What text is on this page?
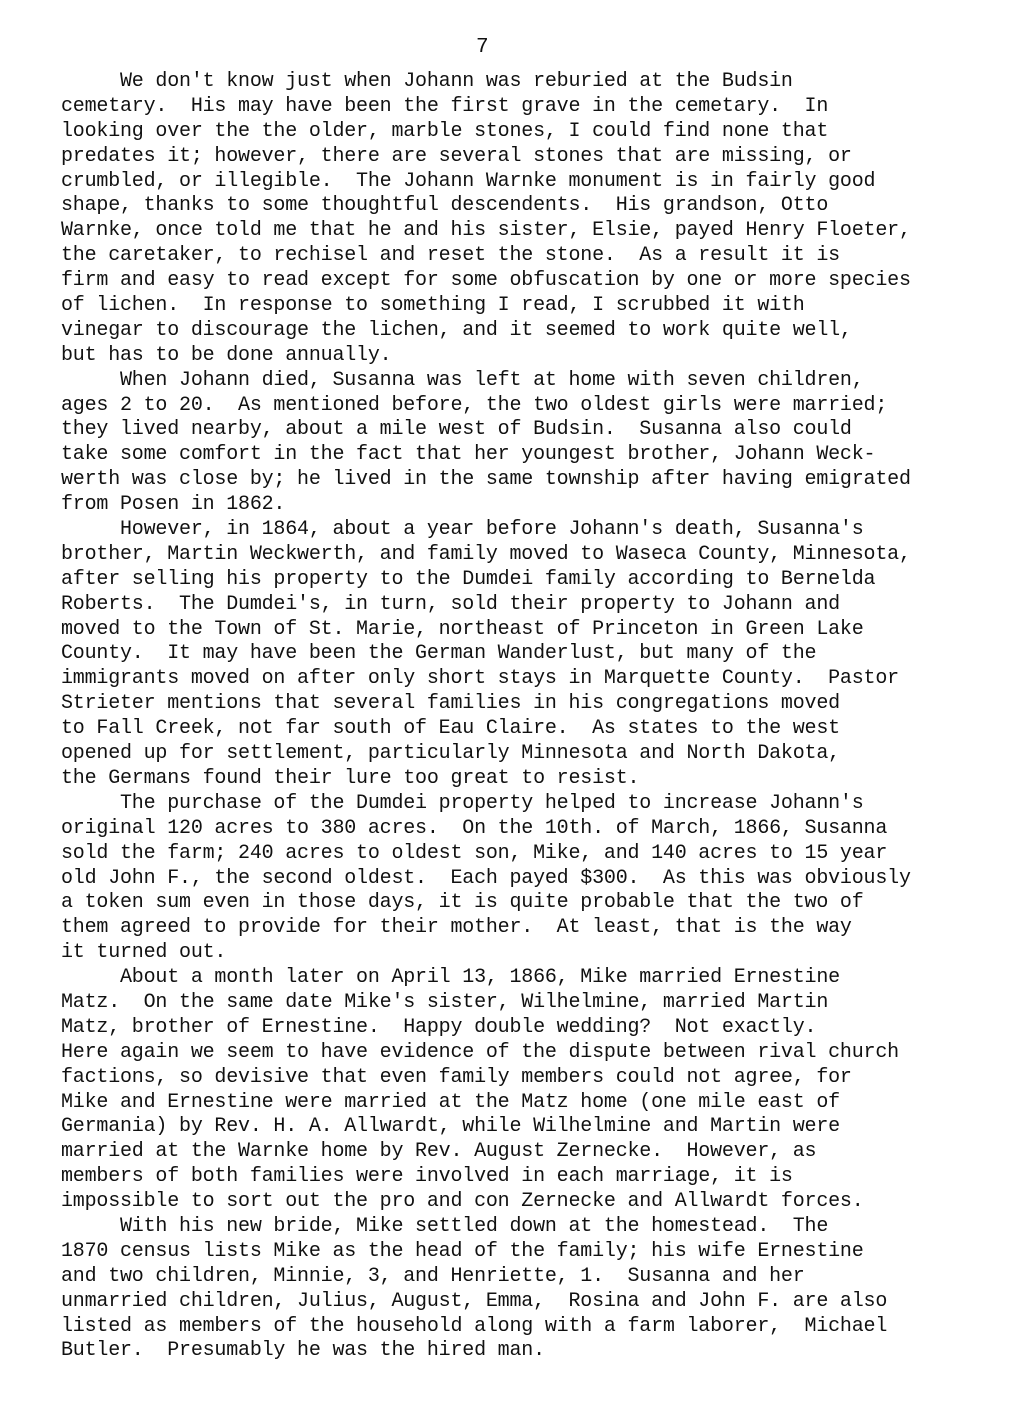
7
We don't know just when Johann was reburied at the Budsin
cemetary.  His may have been the first grave in the cemetary.  In
looking over the the older, marble stones, I could find none that
predates it; however, there are several stones that are missing, or
crumbled, or illegible.  The Johann Warnke monument is in fairly good
shape, thanks to some thoughtful descendents.  His grandson, Otto
Warnke, once told me that he and his sister, Elsie, payed Henry Floeter,
the caretaker, to rechisel and reset the stone.  As a result it is
firm and easy to read except for some obfuscation by one or more species
of lichen.  In response to something I read, I scrubbed it with
vinegar to discourage the lichen, and it seemed to work quite well,
but has to be done annually.
When Johann died, Susanna was left at home with seven children,
ages 2 to 20.  As mentioned before, the two oldest girls were married;
they lived nearby, about a mile west of Budsin.  Susanna also could
take some comfort in the fact that her youngest brother, Johann Weck-
werth was close by; he lived in the same township after having emigrated
from Posen in 1862.
However, in 1864, about a year before Johann's death, Susanna's
brother, Martin Weckwerth, and family moved to Waseca County, Minnesota,
after selling his property to the Dumdei family according to Bernelda
Roberts.  The Dumdei's, in turn, sold their property to Johann and
moved to the Town of St. Marie, northeast of Princeton in Green Lake
County.  It may have been the German Wanderlust, but many of the
immigrants moved on after only short stays in Marquette County.  Pastor
Strieter mentions that several families in his congregations moved
to Fall Creek, not far south of Eau Claire.  As states to the west
opened up for settlement, particularly Minnesota and North Dakota,
the Germans found their lure too great to resist.
The purchase of the Dumdei property helped to increase Johann's
original 120 acres to 380 acres.  On the 10th. of March, 1866, Susanna
sold the farm; 240 acres to oldest son, Mike, and 140 acres to 15 year
old John F., the second oldest.  Each payed $300.  As this was obviously
a token sum even in those days, it is quite probable that the two of
them agreed to provide for their mother.  At least, that is the way
it turned out.
About a month later on April 13, 1866, Mike married Ernestine
Matz.  On the same date Mike's sister, Wilhelmine, married Martin
Matz, brother of Ernestine.  Happy double wedding?  Not exactly.
Here again we seem to have evidence of the dispute between rival church
factions, so devisive that even family members could not agree, for
Mike and Ernestine were married at the Matz home (one mile east of
Germania) by Rev. H. A. Allwardt, while Wilhelmine and Martin were
married at the Warnke home by Rev. August Zernecke.  However, as
members of both families were involved in each marriage, it is
impossible to sort out the pro and con Zernecke and Allwardt forces.
With his new bride, Mike settled down at the homestead.  The
1870 census lists Mike as the head of the family; his wife Ernestine
and two children, Minnie, 3, and Henriette, 1.  Susanna and her
unmarried children, Julius, August, Emma,  Rosina and John F. are also
listed as members of the household along with a farm laborer,  Michael
Butler.  Presumably he was the hired man.
